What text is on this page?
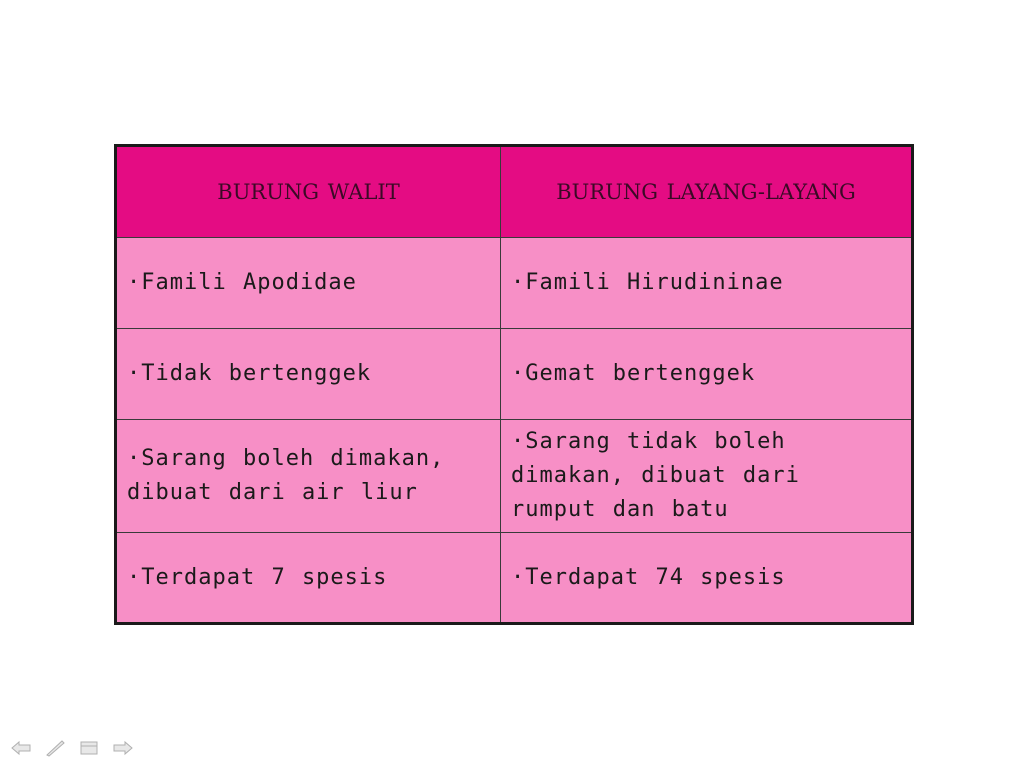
BURUNG WALIT	BURUNG LAYANG-LAYANG
·Famili Apodidae	·Famili Hirudininae
·Tidak bertenggek	·Gemat bertenggek
·Sarang boleh dimakan, dibuat dari air liur	·Sarang tidak boleh dimakan, dibuat dari rumput dan batu
·Terdapat 7 spesis	·Terdapat 74 spesis
